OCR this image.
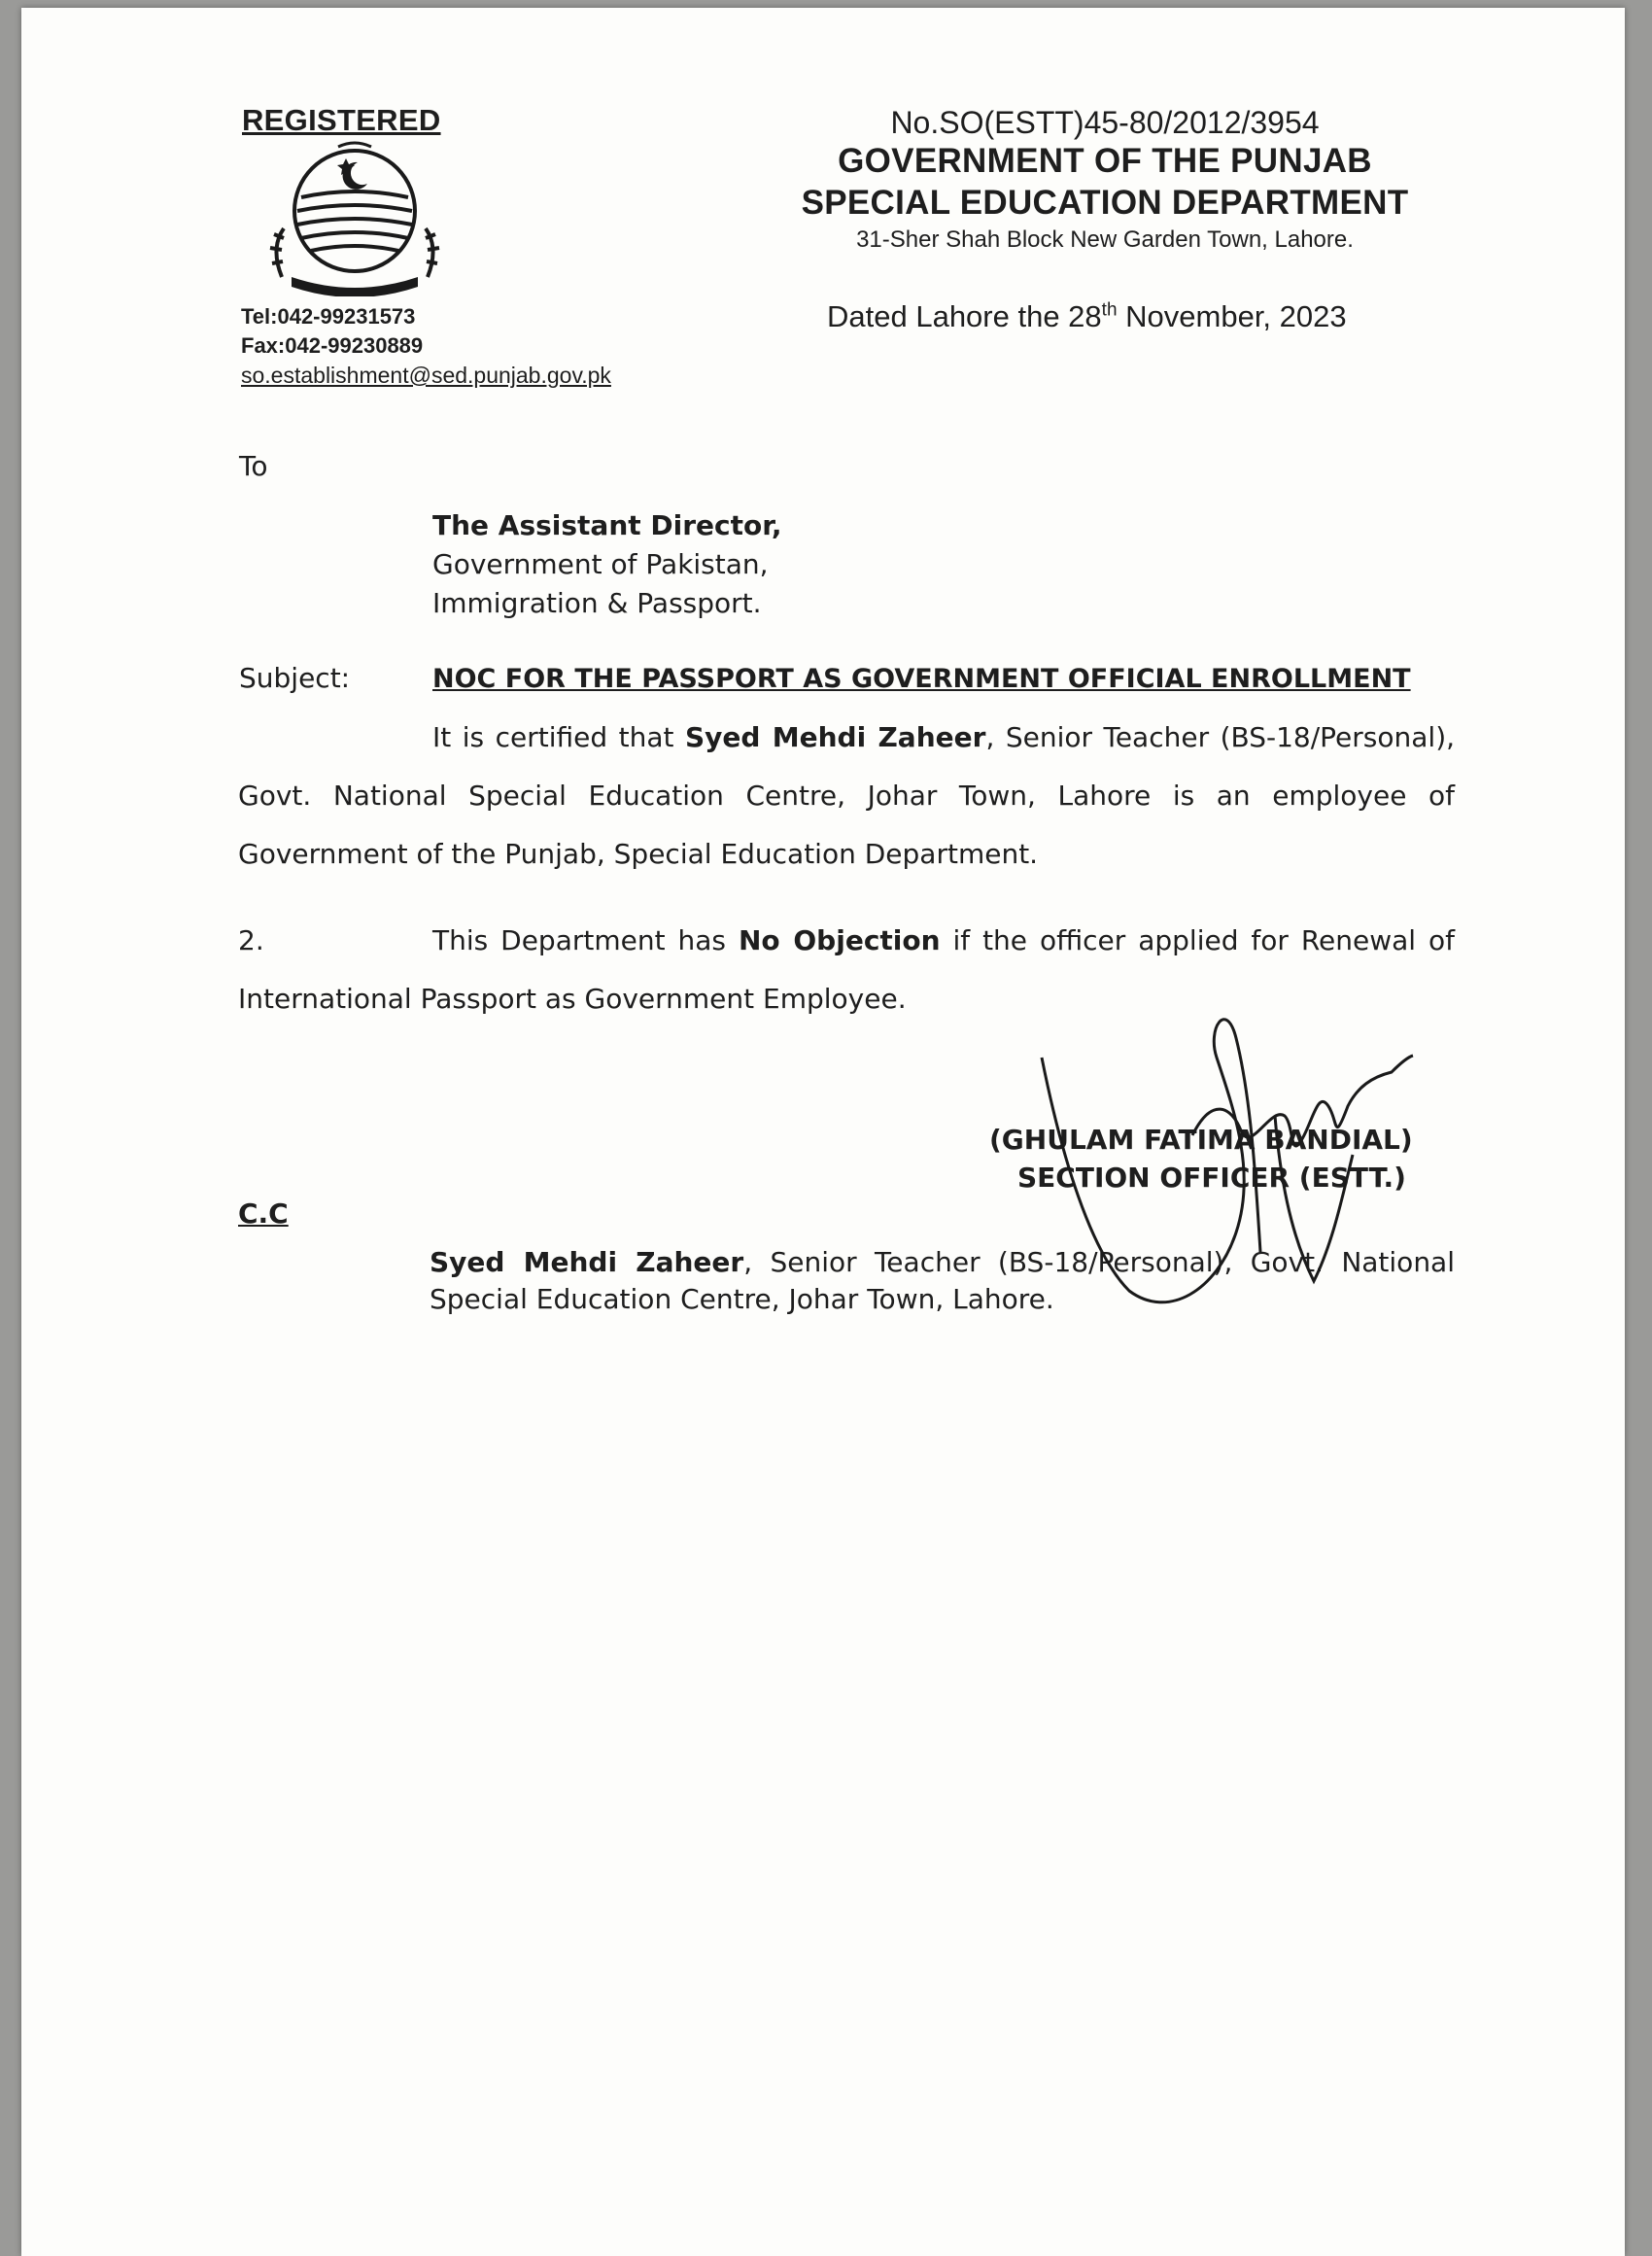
REGISTERED
Tel:042-99231573
Fax:042-99230889
so.establishment@sed.punjab.gov.pk
No.SO(ESTT)45-80/2012/3954
GOVERNMENT OF THE PUNJAB
SPECIAL EDUCATION DEPARTMENT
31-Sher Shah Block New Garden Town, Lahore.
Dated Lahore the 28th November, 2023
To
The Assistant Director,
Government of Pakistan,
Immigration & Passport.
Subject:	NOC FOR THE PASSPORT AS GOVERNMENT OFFICIAL ENROLLMENT
It is certified that Syed Mehdi Zaheer, Senior Teacher (BS-18/Personal), Govt. National Special Education Centre, Johar Town, Lahore is an employee of Government of the Punjab, Special Education Department.
2.	This Department has No Objection if the officer applied for Renewal of International Passport as Government Employee.
(GHULAM FATIMA BANDIAL)
SECTION OFFICER (ESTT.)
C.C
Syed Mehdi Zaheer, Senior Teacher (BS-18/Personal), Govt. National Special Education Centre, Johar Town, Lahore.
